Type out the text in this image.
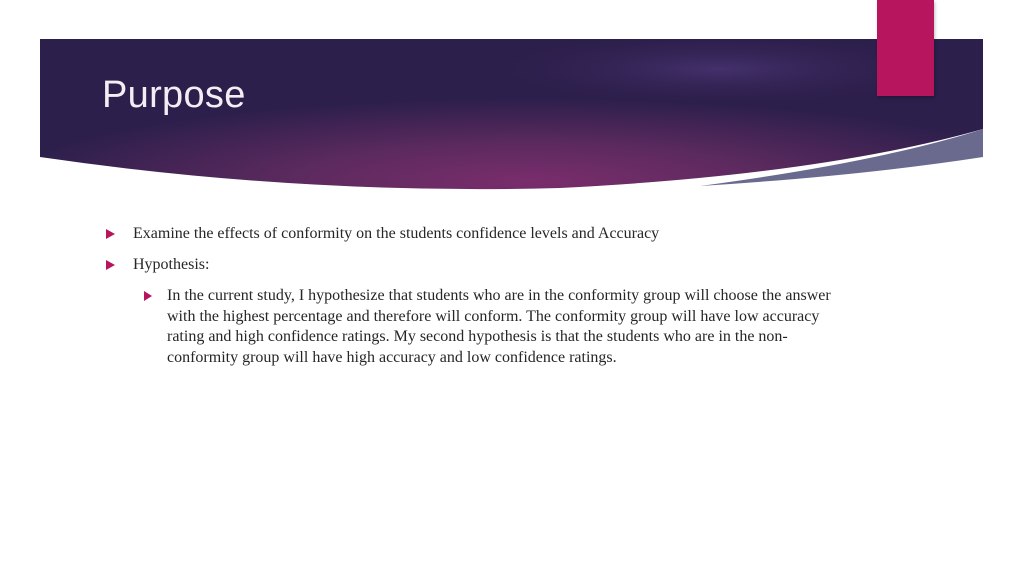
Purpose
Examine the effects of conformity on the students confidence levels and Accuracy
Hypothesis:
In the current study, I hypothesize that students who are in the conformity group will choose the answer with the highest percentage and therefore will conform. The conformity group will have low accuracy rating and high confidence ratings. My second hypothesis is that the students who are in the non- conformity group will have high accuracy and low confidence ratings.
